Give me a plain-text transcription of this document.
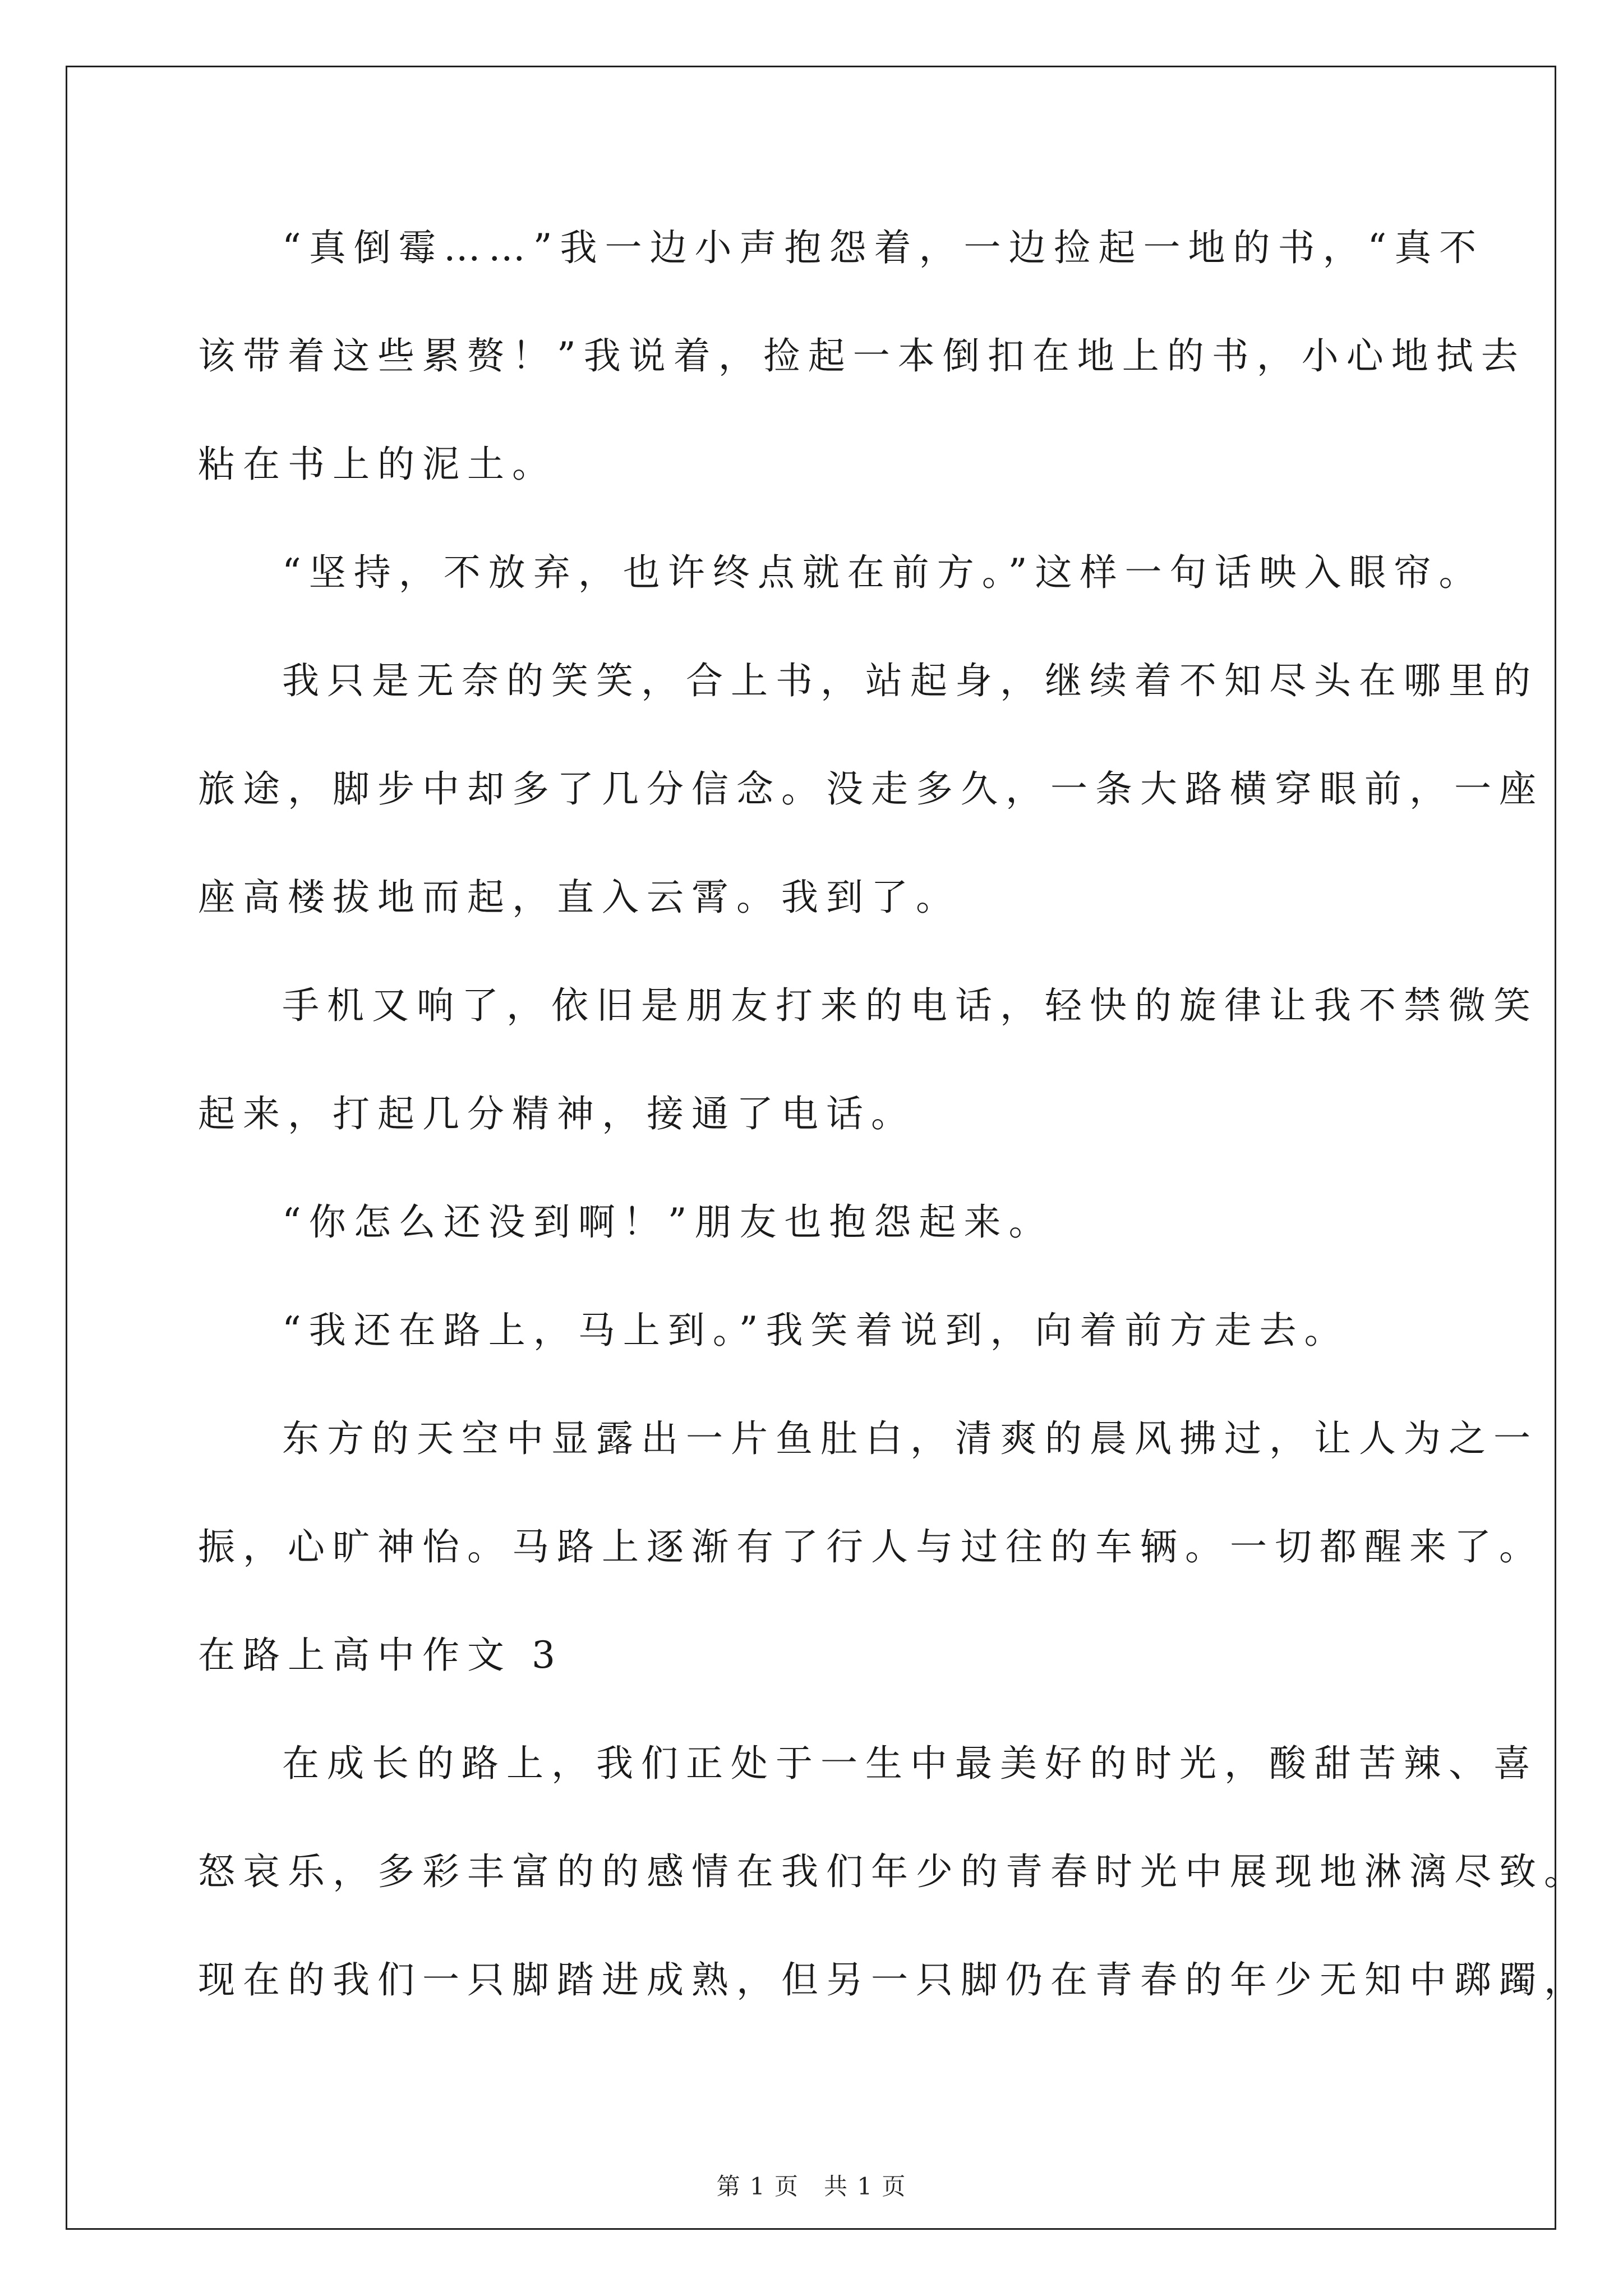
“真倒霉……”我一边小声抱怨着，一边捡起一地的书，“真不
该带着这些累赘！”我说着，捡起一本倒扣在地上的书，小心地拭去
粘在书上的泥土。
“坚持，不放弃，也许终点就在前方。”这样一句话映入眼帘。
我只是无奈的笑笑，合上书，站起身，继续着不知尽头在哪里的
旅途，脚步中却多了几分信念。没走多久，一条大路横穿眼前，一座
座高楼拔地而起，直入云霄。我到了。
手机又响了，依旧是朋友打来的电话，轻快的旋律让我不禁微笑
起来，打起几分精神，接通了电话。
“你怎么还没到啊！”朋友也抱怨起来。
“我还在路上，马上到。”我笑着说到，向着前方走去。
东方的天空中显露出一片鱼肚白，清爽的晨风拂过，让人为之一
振，心旷神怡。马路上逐渐有了行人与过往的车辆。一切都醒来了。
在路上高中作文 3
在成长的路上，我们正处于一生中最美好的时光，酸甜苦辣、喜
怒哀乐，多彩丰富的的感情在我们年少的青春时光中展现地淋漓尽致。
现在的我们一只脚踏进成熟，但另一只脚仍在青春的年少无知中踯躅，
第 1 页　共 1 页
